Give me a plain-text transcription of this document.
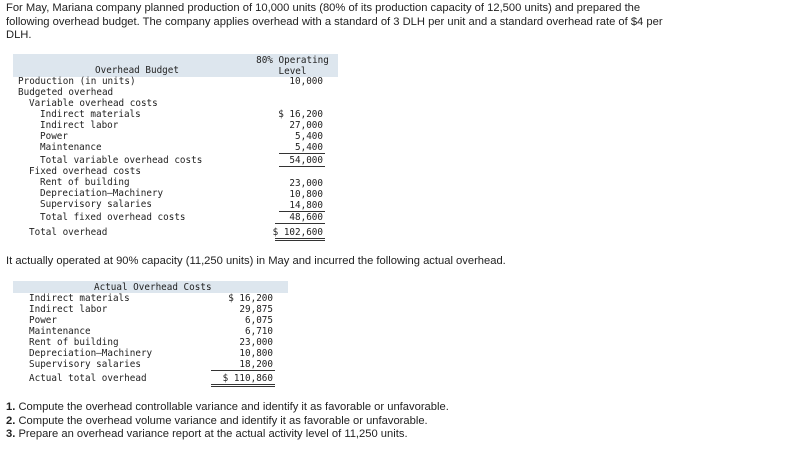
For May, Mariana company planned production of 10,000 units (80% of its production capacity of 12,500 units) and prepared the

following overhead budget. The company applies overhead with a standard of 3 DLH per unit and a standard overhead rate of $4 per

DLH.

Overhead Budget
80% Operating
Level
Production (in units)	10,000
Budgeted overhead
Variable overhead costs
Indirect materials	$ 16,200
Indirect labor	27,000
Power	5,400
Maintenance	5,400
Total variable overhead costs	54,000
Fixed overhead costs
Rent of building	23,000
Depreciation—Machinery	10,800
Supervisory salaries	14,800
Total fixed overhead costs	48,600
Total overhead	$ 102,600
It actually operated at 90% capacity (11,250 units) in May and incurred the following actual overhead.
Actual Overhead Costs
Indirect materials	$ 16,200
Indirect labor	29,875
Power	6,075
Maintenance	6,710
Rent of building	23,000
Depreciation—Machinery	10,800
Supervisory salaries	18,200
Actual total overhead	$ 110,860

1. Compute the overhead controllable variance and identify it as favorable or unfavorable.

2. Compute the overhead volume variance and identify it as favorable or unfavorable.

3. Prepare an overhead variance report at the actual activity level of 11,250 units.
